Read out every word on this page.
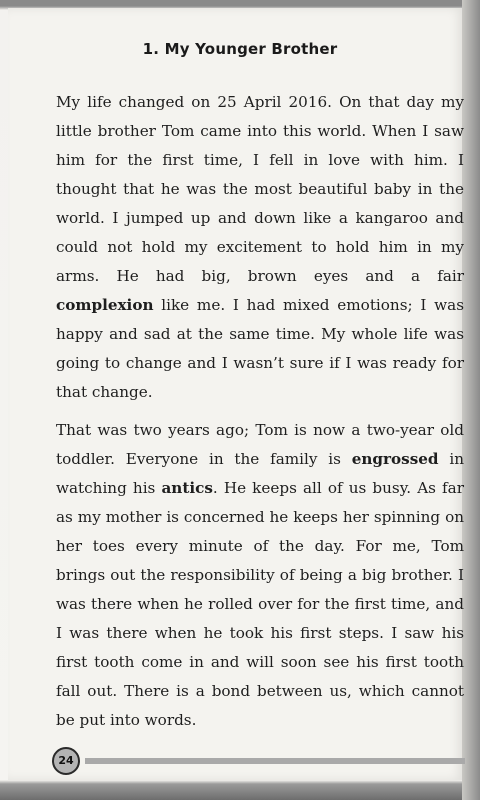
1. My Younger Brother

My life changed on 25 April 2016. On that day my little brother Tom came into this world. When I saw him for the first time, I fell in love with him. I thought that he was the most beautiful baby in the world. I jumped up and down like a kangaroo and could not hold my excitement to hold him in my arms. He had big, brown eyes and a fair complexion like me. I had mixed emotions; I was happy and sad at the same time. My whole life was going to change and I wasn’t sure if I was ready for that change.

That was two years ago; Tom is now a two-year old toddler. Everyone in the family is engrossed in watching his antics. He keeps all of us busy. As far as my mother is concerned he keeps her spinning on her toes every minute of the day. For me, Tom brings out the responsibility of being a big brother. I was there when he rolled over for the first time, and I was there when he took his first steps. I saw his first tooth come in and will soon see his first tooth fall out. There is a bond between us, which cannot be put into words.

24
